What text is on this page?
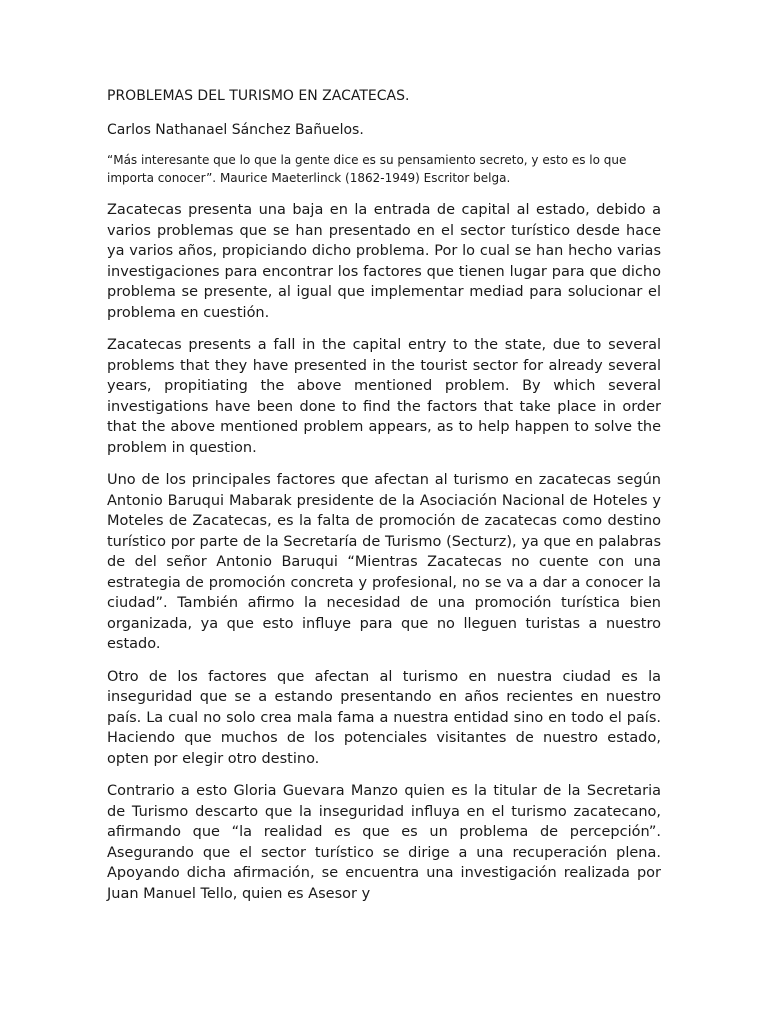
PROBLEMAS DEL TURISMO EN ZACATECAS.
Carlos Nathanael Sánchez Bañuelos.
“Más interesante que lo que la gente dice es su pensamiento secreto, y esto es lo que importa conocer”. Maurice Maeterlinck (1862-1949) Escritor belga.

Zacatecas presenta una baja en la entrada de capital al estado, debido a varios problemas que se han presentado en el sector turístico desde hace ya varios años, propiciando dicho problema. Por lo cual se han hecho varias investigaciones para encontrar los factores que tienen lugar para que dicho problema se presente, al igual que implementar mediad para solucionar el problema en cuestión.

Zacatecas presents a fall in the capital entry to the state, due to several problems that they have presented in the tourist sector for already several years, propitiating the above mentioned problem. By which several investigations have been done to find the factors that take place in order that the above mentioned problem appears, as to help happen to solve the problem in question.

Uno de los principales factores que afectan al turismo en zacatecas según Antonio Baruqui Mabarak presidente de la Asociación Nacional de Hoteles y Moteles de Zacatecas, es la falta de promoción de zacatecas como destino turístico por parte de la Secretaría de Turismo (Secturz), ya que en palabras de del señor Antonio Baruqui “Mientras Zacatecas no cuente con una estrategia de promoción concreta y profesional, no se va a dar a conocer la ciudad”. También afirmo la necesidad de una promoción turística bien organizada, ya que esto influye para que no lleguen turistas a nuestro estado.

Otro de los factores que afectan al turismo en nuestra ciudad es la inseguridad que se a estando presentando en años recientes en nuestro país. La cual no solo crea mala fama a nuestra entidad sino en todo el país. Haciendo que muchos de los potenciales visitantes de nuestro estado, opten por elegir otro destino.

Contrario a esto Gloria Guevara Manzo quien es la titular de la Secretaria de Turismo descarto que la inseguridad influya en el turismo zacatecano, afirmando que “la realidad es que es un problema de percepción”. Asegurando que el sector turístico se dirige a una recuperación plena. Apoyando dicha afirmación, se encuentra una investigación realizada por Juan Manuel Tello, quien es Asesor y
